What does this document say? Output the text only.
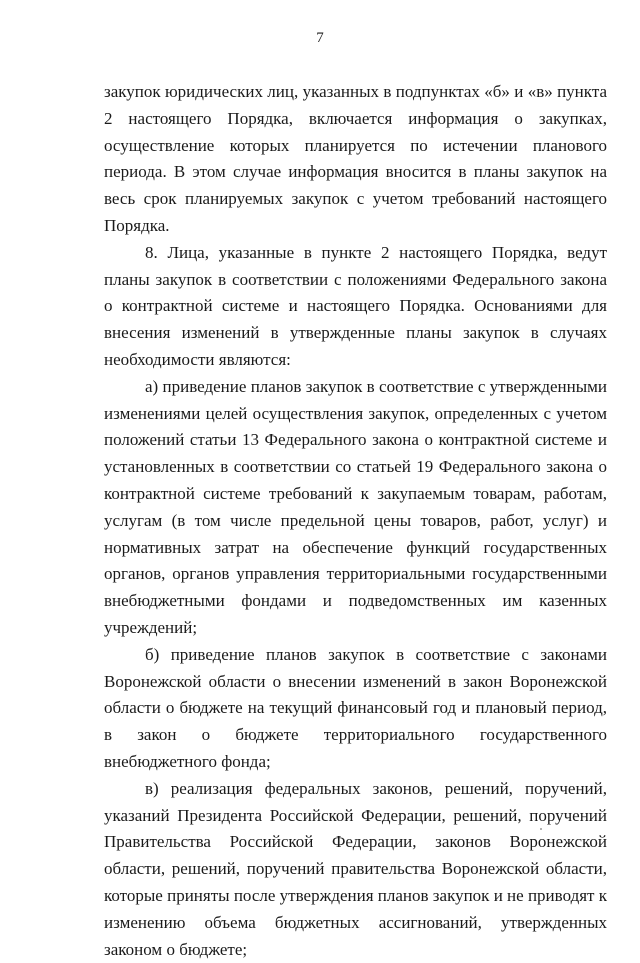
7

закупок юридических лиц, указанных в подпунктах «б» и «в» пункта 2 настоящего Порядка, включается информация о закупках, осуществление которых планируется по истечении планового периода. В этом случае информация вносится в планы закупок на весь срок планируемых закупок с учетом требований настоящего Порядка.

8. Лица, указанные в пункте 2 настоящего Порядка, ведут планы закупок в соответствии с положениями Федерального закона о контрактной системе и настоящего Порядка. Основаниями для внесения изменений в утвержденные планы закупок в случаях необходимости являются:

а) приведение планов закупок в соответствие с утвержденными изменениями целей осуществления закупок, определенных с учетом положений статьи 13 Федерального закона о контрактной системе и установленных в соответствии со статьей 19 Федерального закона о контрактной системе требований к закупаемым товарам, работам, услугам (в том числе предельной цены товаров, работ, услуг) и нормативных затрат на обеспечение функций государственных органов, органов управления территориальными государственными внебюджетными фондами и подведомственных им казенных учреждений;

б) приведение планов закупок в соответствие с законами Воронежской области о внесении изменений в закон Воронежской области о бюджете на текущий финансовый год и плановый период, в закон о бюджете территориального государственного внебюджетного фонда;

в) реализация федеральных законов, решений, поручений, указаний Президента Российской Федерации, решений, поручений Правительства Российской Федерации, законов Воронежской области, решений, поручений правительства Воронежской области, которые приняты после утверждения планов закупок и не приводят к изменению объема бюджетных ассигнований, утвержденных законом о бюджете;
